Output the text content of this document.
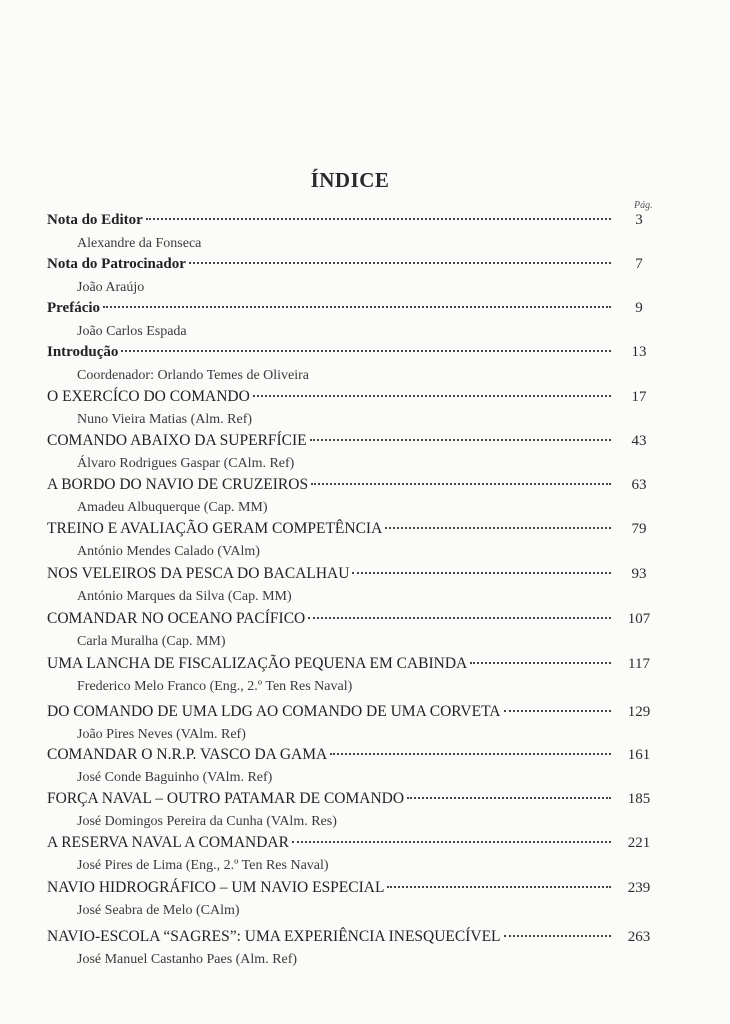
ÍNDICE
Pág.
Nota do Editor	3
Alexandre da Fonseca
Nota do Patrocinador	7
João Araújo
Prefácio	9
João Carlos Espada
Introdução	13
Coordenador: Orlando Temes de Oliveira
O EXERCÍCO DO COMANDO	17
Nuno Vieira Matias (Alm. Ref)
COMANDO ABAIXO DA SUPERFÍCIE	43
Álvaro Rodrigues Gaspar (CAlm. Ref)
A BORDO DO NAVIO DE CRUZEIROS	63
Amadeu Albuquerque (Cap. MM)
TREINO E AVALIAÇÃO GERAM COMPETÊNCIA	79
António Mendes Calado (VAlm)
NOS VELEIROS DA PESCA DO BACALHAU	93
António Marques da Silva (Cap. MM)
COMANDAR NO OCEANO PACÍFICO	107
Carla Muralha (Cap. MM)
UMA LANCHA DE FISCALIZAÇÃO PEQUENA EM CABINDA	117
Frederico Melo Franco (Eng., 2.º Ten Res Naval)
DO COMANDO DE UMA LDG AO COMANDO DE UMA CORVETA	129
João Pires Neves (VAlm. Ref)
COMANDAR O N.R.P. VASCO DA GAMA	161
José Conde Baguinho (VAlm. Ref)
FORÇA NAVAL – OUTRO PATAMAR DE COMANDO	185
José Domingos Pereira da Cunha (VAlm. Res)
A RESERVA NAVAL A COMANDAR	221
José Pires de Lima (Eng., 2.º Ten Res Naval)
NAVIO HIDROGRÁFICO – UM NAVIO ESPECIAL	239
José Seabra de Melo (CAlm)
NAVIO-ESCOLA “SAGRES”: UMA EXPERIÊNCIA INESQUECÍVEL	263
José Manuel Castanho Paes (Alm. Ref)
